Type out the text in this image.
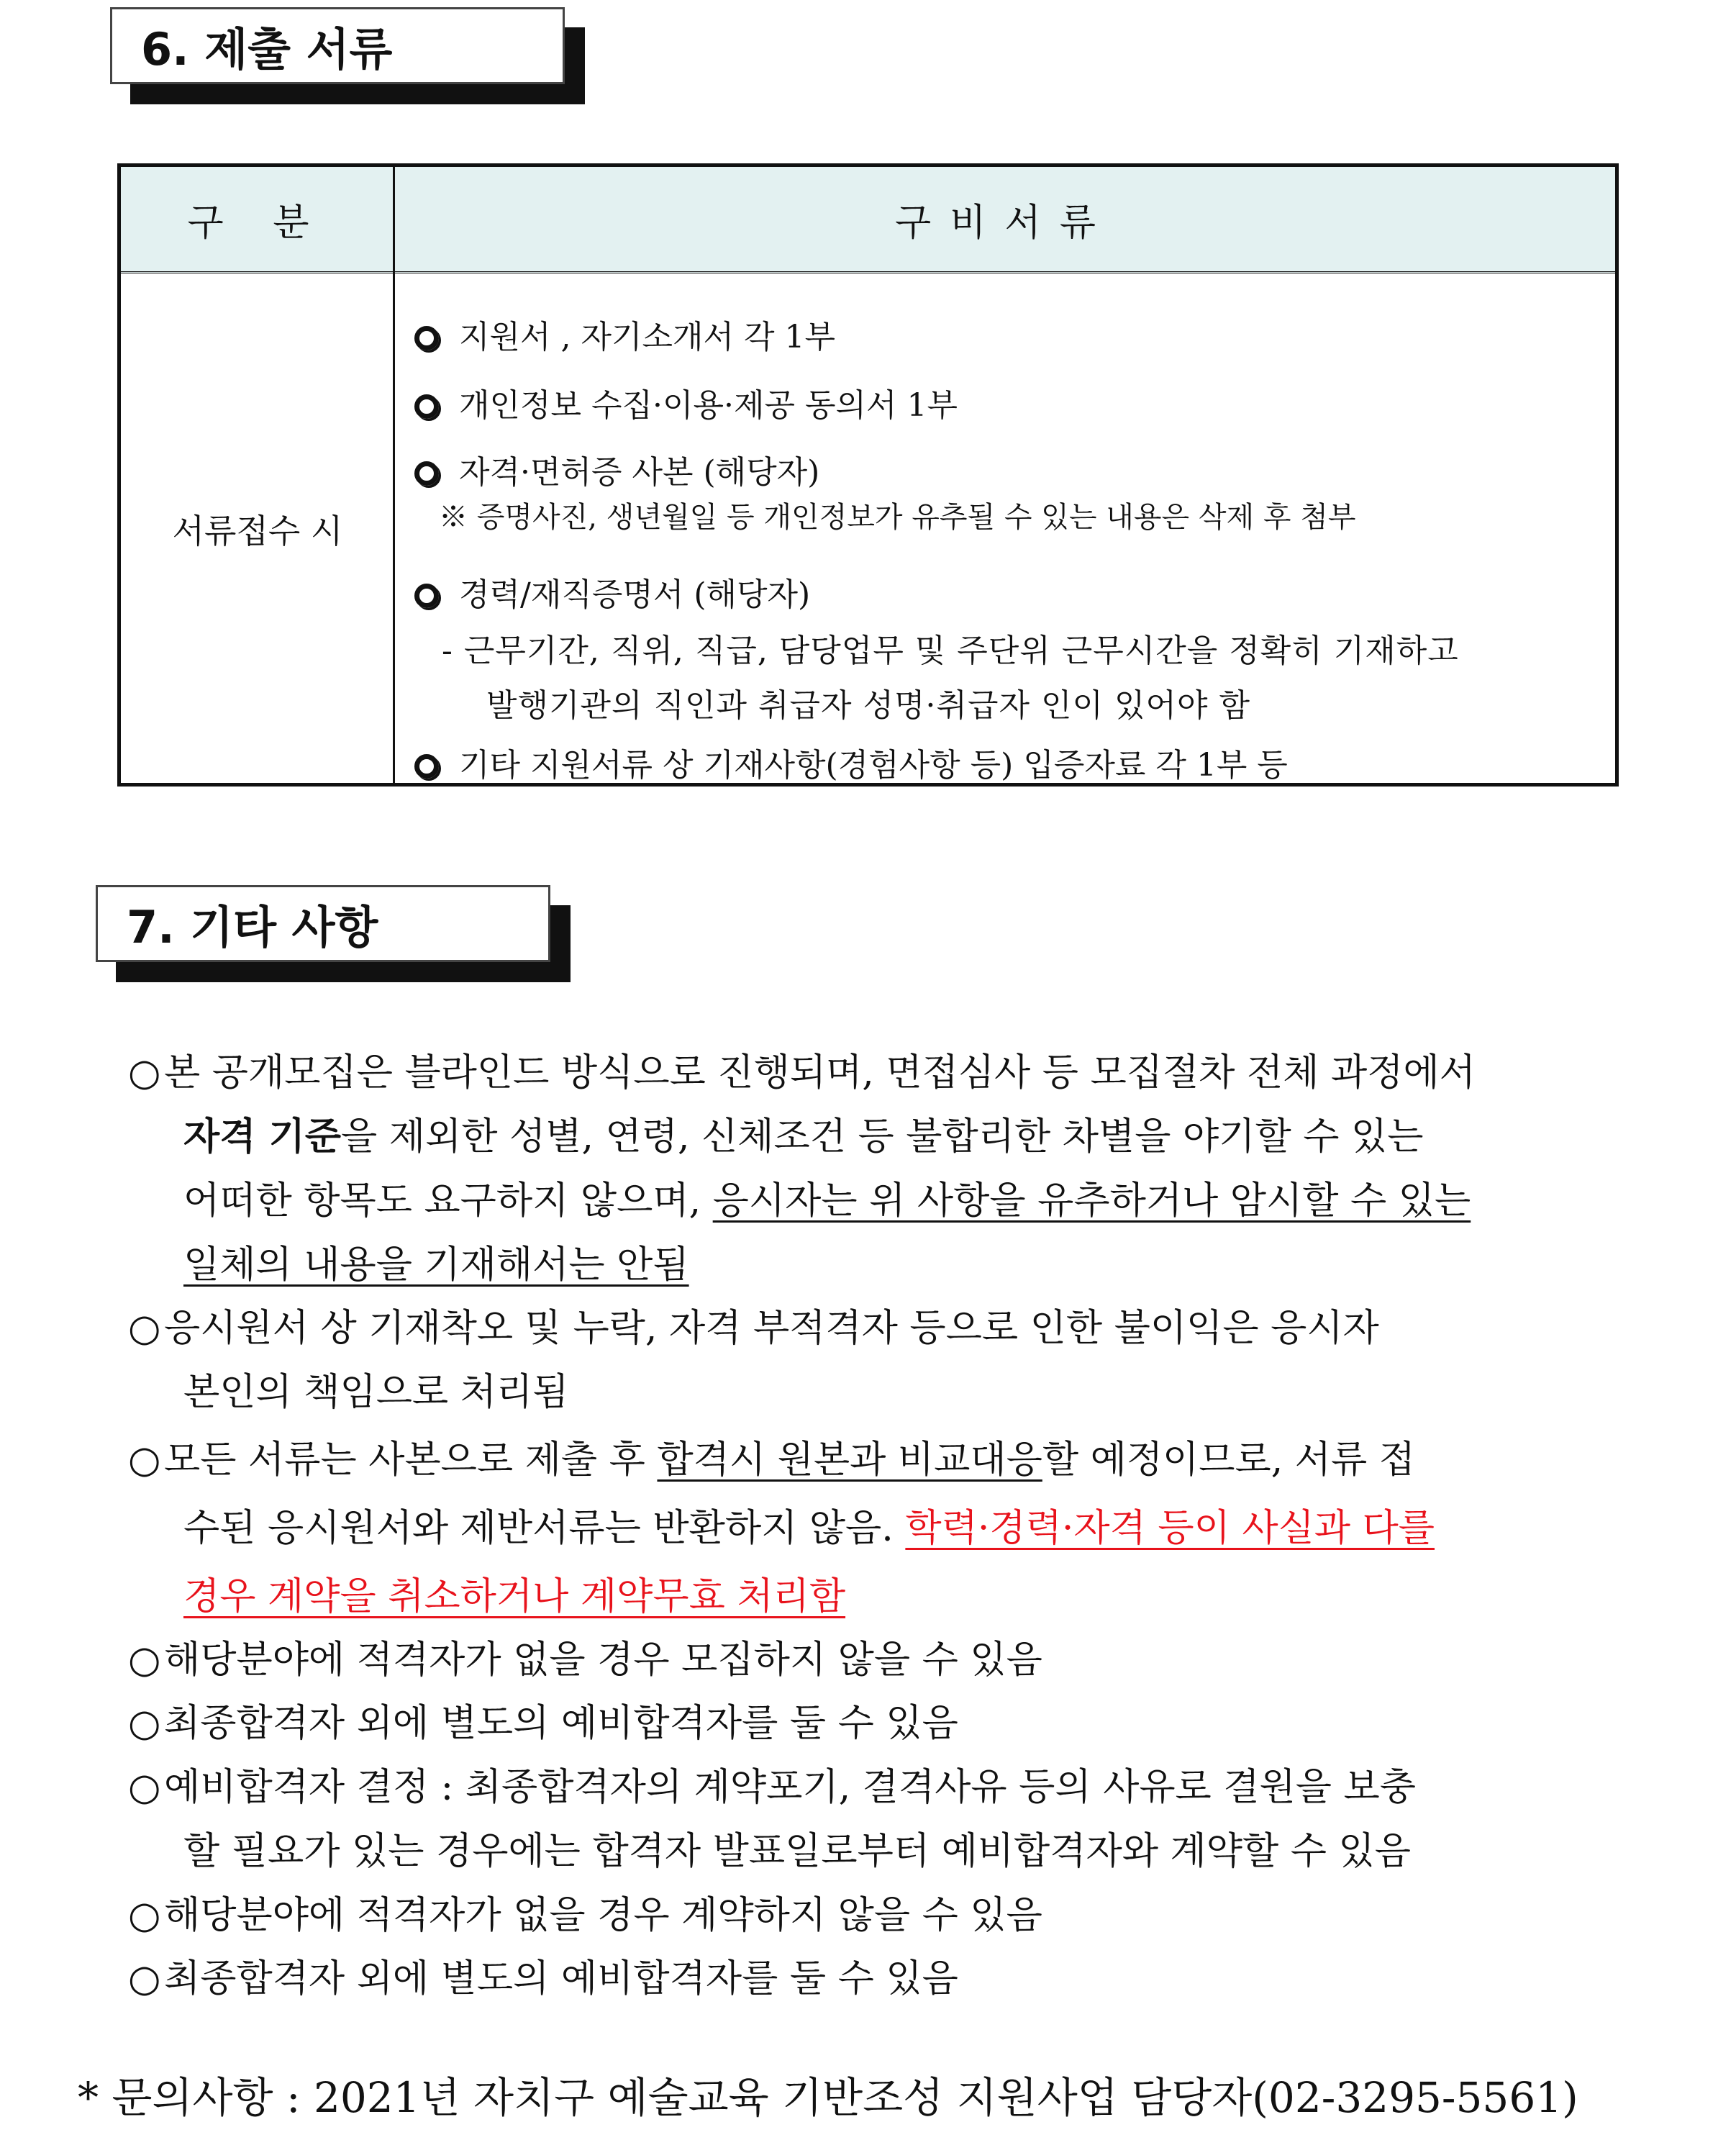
6. 제출 서류
구 분	구비서류
서류접수 시
지원서 , 자기소개서 각 1부
개인정보 수집·이용·제공 동의서 1부
자격·면허증 사본 (해당자)
※ 증명사진, 생년월일 등 개인정보가 유추될 수 있는 내용은 삭제 후 첨부
경력/재직증명서 (해당자)
- 근무기간, 직위, 직급, 담당업무 및 주단위 근무시간을 정확히 기재하고
발행기관의 직인과 취급자 성명·취급자 인이 있어야 함
기타 지원서류 상 기재사항(경험사항 등) 입증자료 각 1부 등
7. 기타 사항
○본 공개모집은 블라인드 방식으로 진행되며, 면접심사 등 모집절차 전체 과정에서
자격 기준을 제외한 성별, 연령, 신체조건 등 불합리한 차별을 야기할 수 있는
어떠한 항목도 요구하지 않으며, 응시자는 위 사항을 유추하거나 암시할 수 있는
일체의 내용을 기재해서는 안됨
○응시원서 상 기재착오 및 누락, 자격 부적격자 등으로 인한 불이익은 응시자
본인의 책임으로 처리됨
○모든 서류는 사본으로 제출 후 합격시 원본과 비교대응할 예정이므로, 서류 접
수된 응시원서와 제반서류는 반환하지 않음. 학력·경력·자격 등이 사실과 다를
경우 계약을 취소하거나 계약무효 처리함
○해당분야에 적격자가 없을 경우 모집하지 않을 수 있음
○최종합격자 외에 별도의 예비합격자를 둘 수 있음
○예비합격자 결정 : 최종합격자의 계약포기, 결격사유 등의 사유로 결원을 보충
할 필요가 있는 경우에는 합격자 발표일로부터 예비합격자와 계약할 수 있음
○해당분야에 적격자가 없을 경우 계약하지 않을 수 있음
○최종합격자 외에 별도의 예비합격자를 둘 수 있음
* 문의사항 : 2021년 자치구 예술교육 기반조성 지원사업 담당자(02-3295-5561)
